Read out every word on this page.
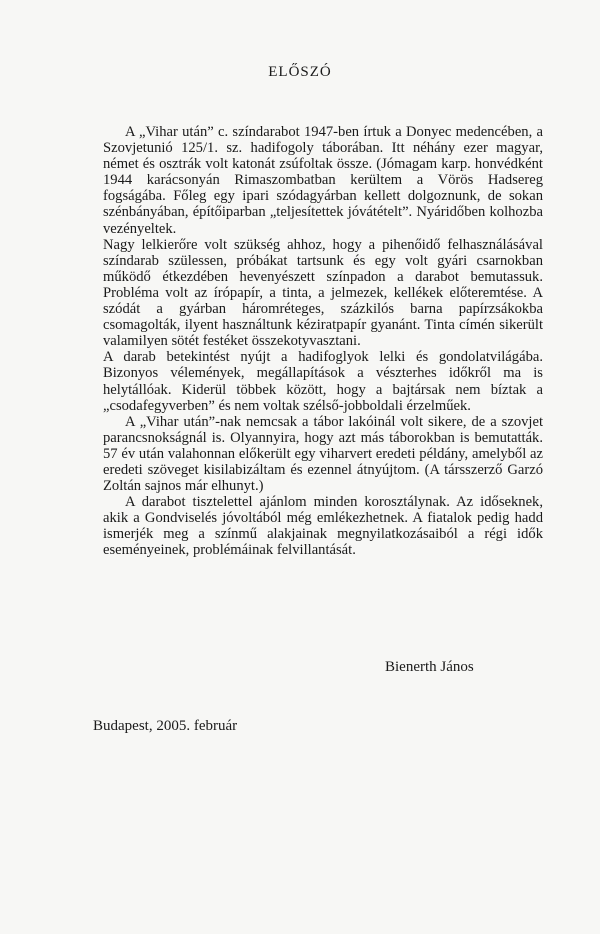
ELŐSZÓ

A „Vihar után” c. színdarabot 1947-ben írtuk a Donyec medencében, a Szovjetunió 125/1. sz. hadifogoly táborában. Itt néhány ezer magyar, német és osztrák volt katonát zsúfoltak össze. (Jómagam karp. honvédként 1944 karácsonyán Rimaszombatban kerültem a Vörös Hadsereg fogságába. Főleg egy ipari szódagyárban kellett dolgoznunk, de sokan szénbányában, építőiparban „teljesítettek jóvátételt”. Nyáridőben kolhozba vezényeltek.

Nagy lelkierőre volt szükség ahhoz, hogy a pihenőidő felhasználásával színdarab szülessen, próbákat tartsunk és egy volt gyári csarnokban működő étkezdében hevenyészett színpadon a darabot bemutassuk. Probléma volt az írópapír, a tinta, a jelmezek, kellékek előteremtése. A szódát a gyárban háromréteges, százkilós barna papírzsákokba csomagolták, ilyent használtunk kéziratpapír gyanánt. Tinta címén sikerült valamilyen sötét festéket összekotyvasztani.

A darab betekintést nyújt a hadifoglyok lelki és gondolatvilágába. Bizonyos vélemények, megállapítások a vészterhes időkről ma is helytállóak. Kiderül többek között, hogy a bajtársak nem bíztak a „csodafegyverben” és nem voltak szélső-jobboldali érzelműek.

A „Vihar után”-nak nemcsak a tábor lakóinál volt sikere, de a szovjet parancsnokságnál is. Olyannyira, hogy azt más táborokban is bemutatták. 57 év után valahonnan előkerült egy viharvert eredeti példány, amelyből az eredeti szöveget kisilabizáltam és ezennel átnyújtom. (A társszerző Garzó Zoltán sajnos már elhunyt.)

A darabot tisztelettel ajánlom minden korosztálynak. Az időseknek, akik a Gondviselés jóvoltából még emlékezhetnek. A fiatalok pedig hadd ismerjék meg a színmű alakjainak megnyilatkozásaiból a régi idők eseményeinek, problémáinak felvillantását.

Bienerth János
Budapest, 2005. február
